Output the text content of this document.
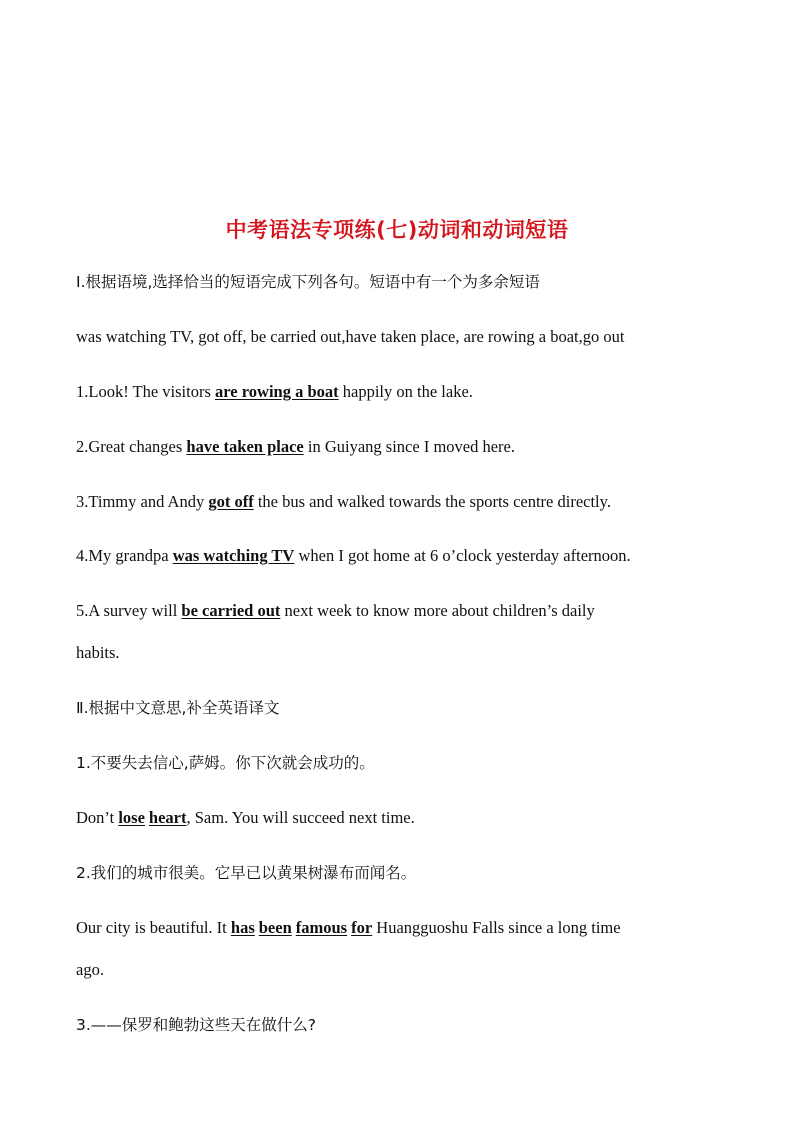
中考语法专项练(七)动词和动词短语
Ⅰ.根据语境,选择恰当的短语完成下列各句。短语中有一个为多余短语
was watching TV, got off, be carried out,have taken place, are rowing a boat,go out
1.Look! The visitors are rowing a boat happily on the lake.
2.Great changes have taken place in Guiyang since I moved here.
3.Timmy and Andy got off the bus and walked towards the sports centre directly.
4.My grandpa was watching TV when I got home at 6 o’clock yesterday afternoon.
5.A survey will be carried out next week to know more about children’s daily
habits.
Ⅱ.根据中文意思,补全英语译文
1.不要失去信心,萨姆。你下次就会成功的。
Don’t lose heart, Sam. You will succeed next time.
2.我们的城市很美。它早已以黄果树瀑布而闻名。
Our city is beautiful. It has been famous for Huangguoshu Falls since a long time
ago.
3.——保罗和鲍勃这些天在做什么?
